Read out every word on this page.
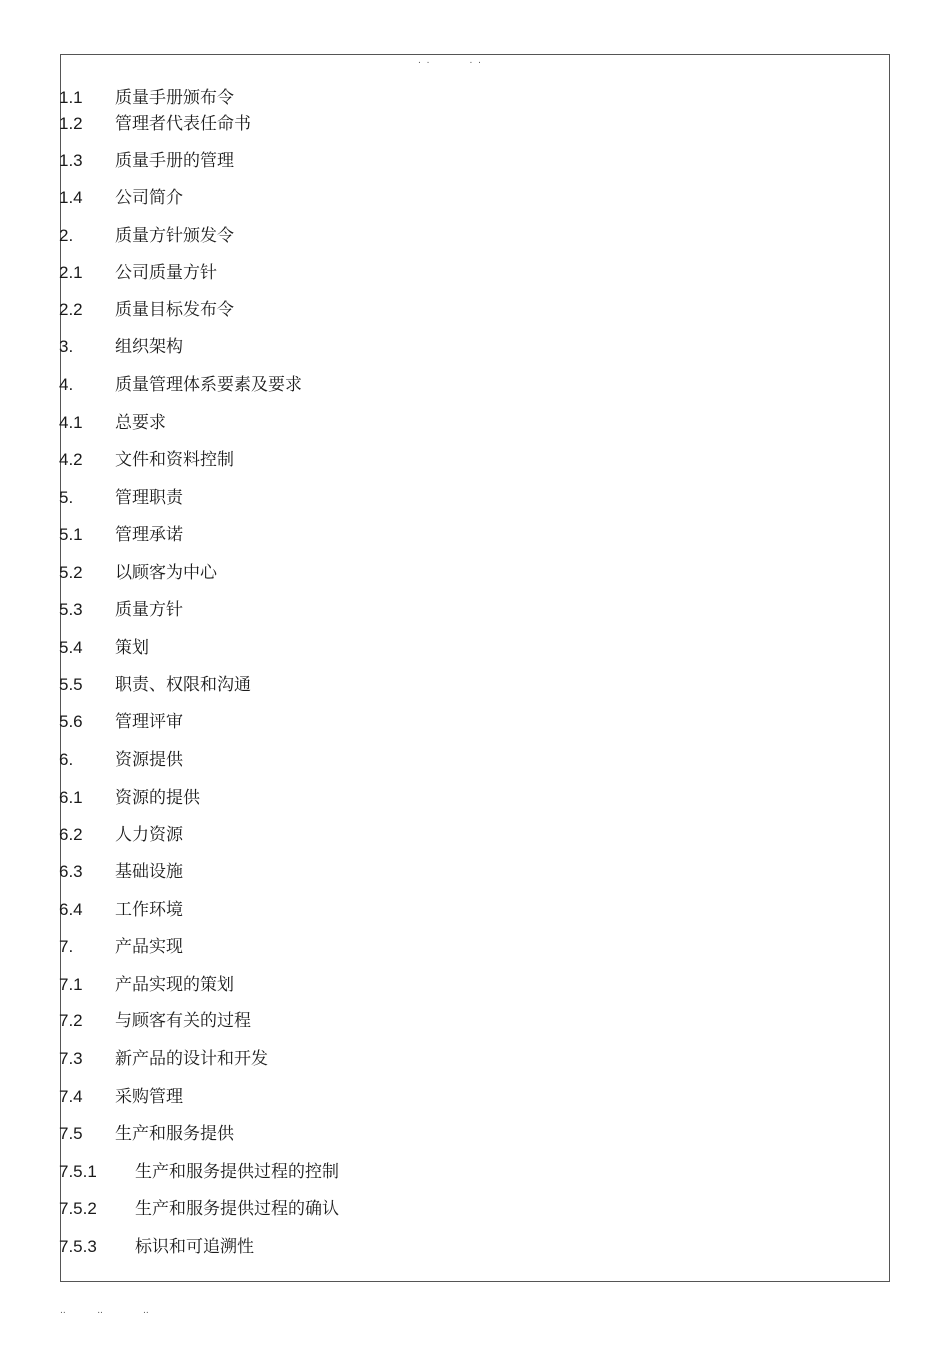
.  .              .  .
1.1 质量手册颁布令
1.2 管理者代表任命书
1.3 质量手册的管理
1.4 公司简介
2. 质量方针颁发令
2.1 公司质量方针
2.2 质量目标发布令
3. 组织架构
4. 质量管理体系要素及要求
4.1 总要求
4.2 文件和资料控制
5. 管理职责
5.1 管理承诺
5.2 以顾客为中心
5.3 质量方针
5.4 策划
5.5 职责、权限和沟通
5.6 管理评审
6. 资源提供
6.1 资源的提供
6.2 人力资源
6.3 基础设施
6.4 工作环境
7. 产品实现
7.1 产品实现的策划
7.2 与顾客有关的过程
7.3 新产品的设计和开发
7.4 采购管理
7.5 生产和服务提供
7.5.1 生产和服务提供过程的控制
7.5.2 生产和服务提供过程的确认
7.5.3 标识和可追溯性
..           ..              ..
